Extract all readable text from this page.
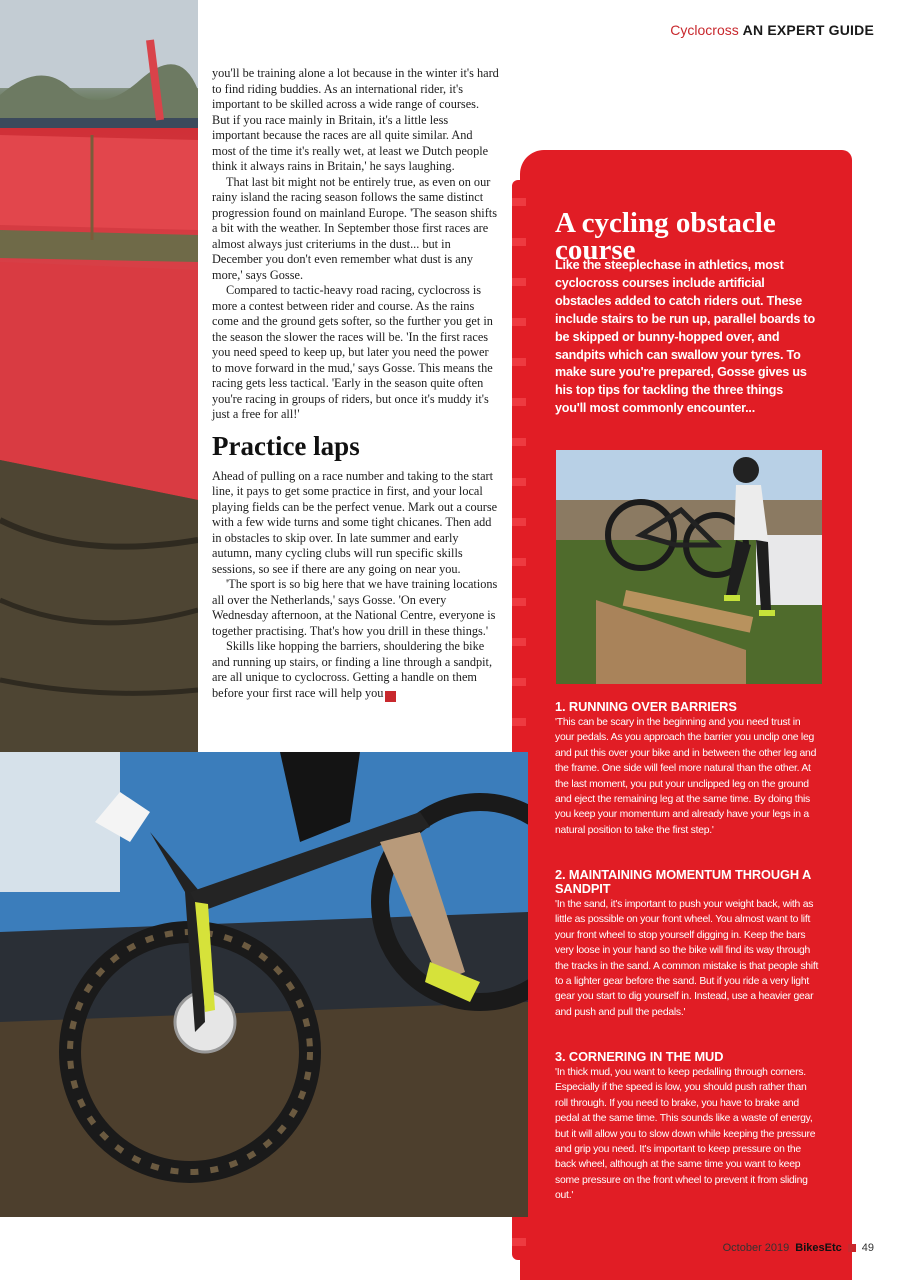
Cyclocross AN EXPERT GUIDE

you'll be training alone a lot because in the winter it's hard to find riding buddies. As an international rider, it's important to be skilled across a wide range of courses. But if you race mainly in Britain, it's a little less important because the races are all quite similar. And most of the time it's really wet, at least we Dutch people think it always rains in Britain,' he says laughing.

That last bit might not be entirely true, as even on our rainy island the racing season follows the same distinct progression found on mainland Europe. 'The season shifts a bit with the weather. In September those first races are almost always just criteriums in the dust... but in December you don't even remember what dust is any more,' says Gosse.

Compared to tactic-heavy road racing, cyclocross is more a contest between rider and course. As the rains come and the ground gets softer, so the further you get in the season the slower the races will be. 'In the first races you need speed to keep up, but later you need the power to move forward in the mud,' says Gosse. This means the racing gets less tactical. 'Early in the season quite often you're racing in groups of riders, but once it's muddy it's just a free for all!'

Practice laps

Ahead of pulling on a race number and taking to the start line, it pays to get some practice in first, and your local playing fields can be the perfect venue. Mark out a course with a few wide turns and some tight chicanes. Then add in obstacles to skip over. In late summer and early autumn, many cycling clubs will run specific skills sessions, so see if there are any going on near you.

'The sport is so big here that we have training locations all over the Netherlands,' says Gosse. 'On every Wednesday afternoon, at the National Centre, everyone is together practising. That's how you drill in these things.'

Skills like hopping the barriers, shouldering the bike and running up stairs, or finding a line through a sandpit, are all unique to cyclocross. Getting a handle on them before your first race will help you ➔

A cycling obstacle course
Like the steeplechase in athletics, most cyclocross courses include artificial obstacles added to catch riders out. These include stairs to be run up, parallel boards to be skipped or bunny-hopped over, and sandpits which can swallow your tyres. To make sure you're prepared, Gosse gives us his top tips for tackling the three things you'll most commonly encounter...
1. RUNNING OVER BARRIERS

'This can be scary in the beginning and you need trust in your pedals. As you approach the barrier you unclip one leg and put this over your bike and in between the other leg and the frame. One side will feel more natural than the other. At the last moment, you put your unclipped leg on the ground and eject the remaining leg at the same time. By doing this you keep your momentum and already have your legs in a natural position to take the first step.'

2. MAINTAINING MOMENTUM THROUGH A SANDPIT

'In the sand, it's important to push your weight back, with as little as possible on your front wheel. You almost want to lift your front wheel to stop yourself digging in. Keep the bars very loose in your hand so the bike will find its way through the tracks in the sand. A common mistake is that people shift to a lighter gear before the sand. But if you ride a very light gear you start to dig yourself in. Instead, use a heavier gear and push and pull the pedals.'

3. CORNERING IN THE MUD

'In thick mud, you want to keep pedalling through corners. Especially if the speed is low, you should push rather than roll through. If you need to brake, you have to brake and pedal at the same time. This sounds like a waste of energy, but it will allow you to slow down while keeping the pressure and grip you need. It's important to keep pressure on the back wheel, although at the same time you want to keep some pressure on the front wheel to prevent it from sliding out.'

October 2019 BikesEtc 49
